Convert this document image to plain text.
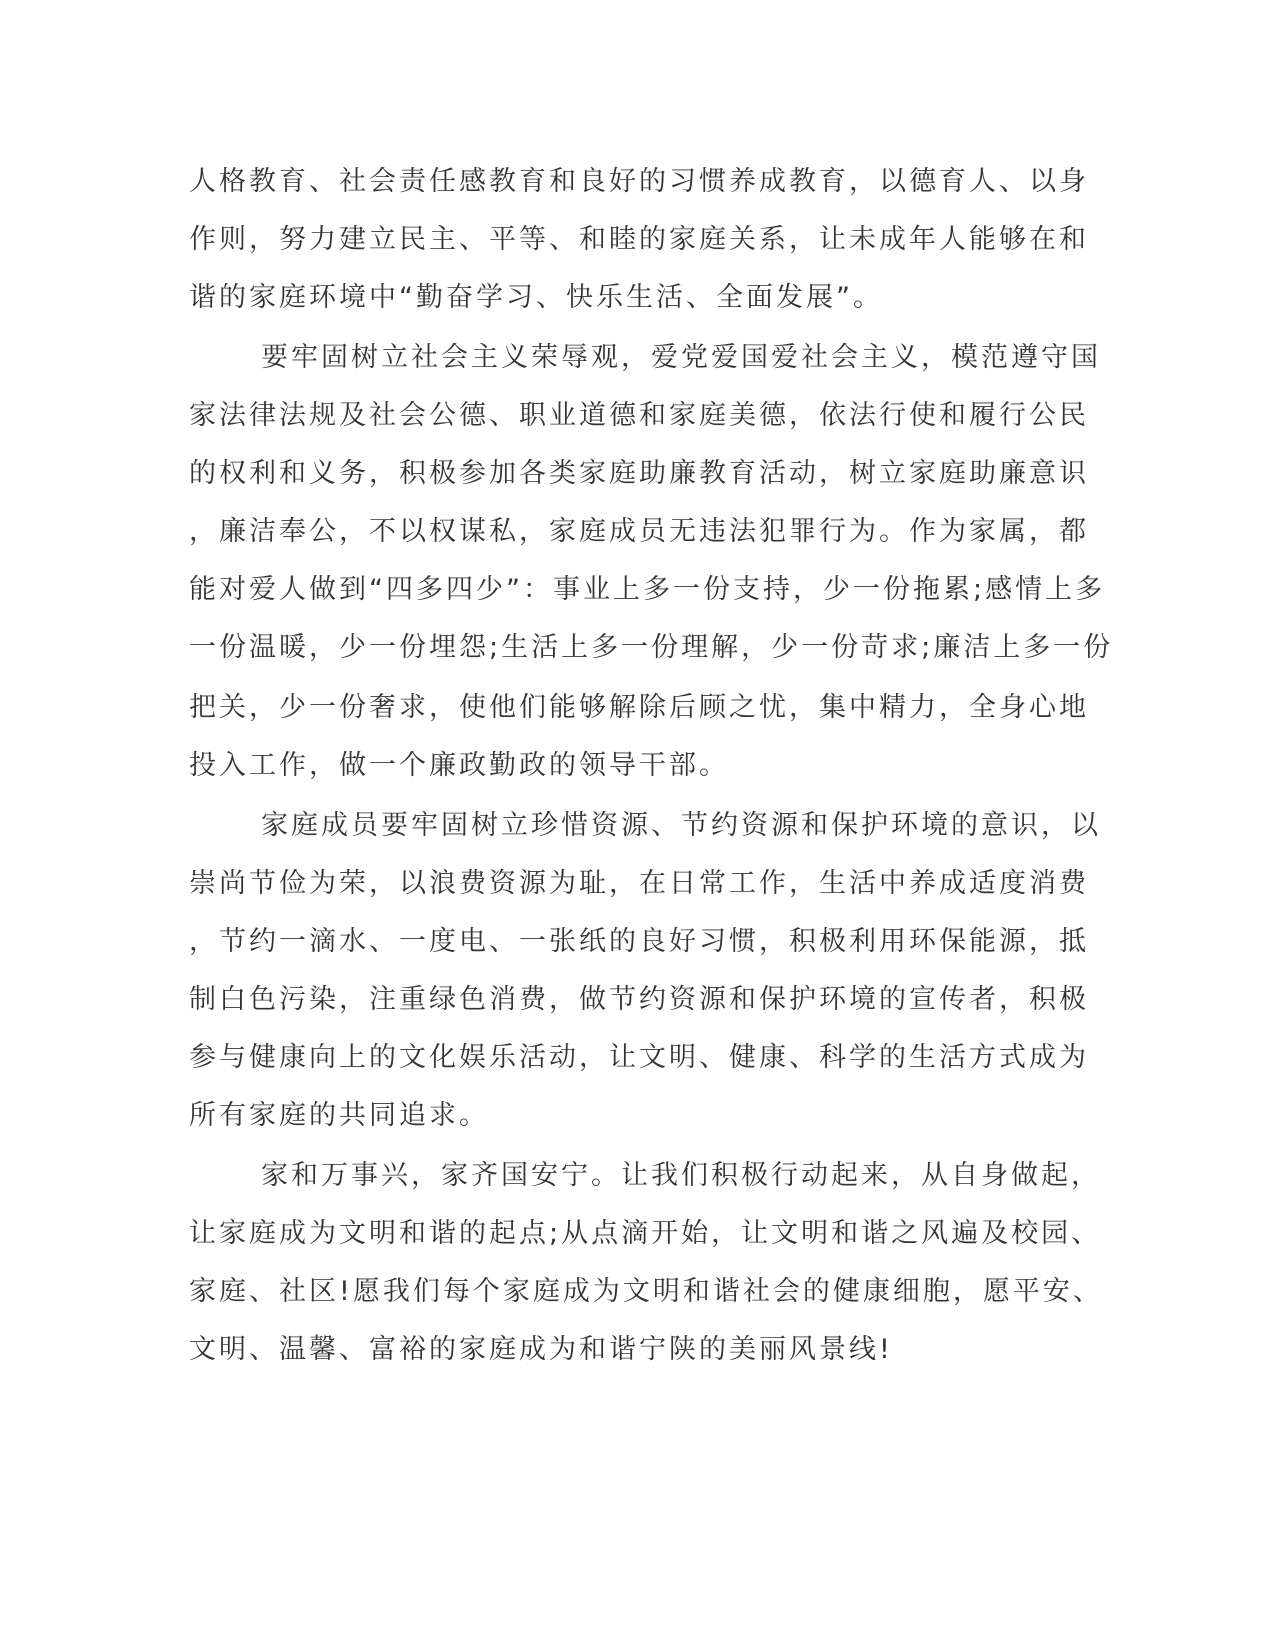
人格教育、社会责任感教育和良好的习惯养成教育，以德育人、以身
作则，努力建立民主、平等、和睦的家庭关系，让未成年人能够在和
谐的家庭环境中“勤奋学习、快乐生活、全面发展”。
要牢固树立社会主义荣辱观，爱党爱国爱社会主义，模范遵守国
家法律法规及社会公德、职业道德和家庭美德，依法行使和履行公民
的权利和义务，积极参加各类家庭助廉教育活动，树立家庭助廉意识
，廉洁奉公，不以权谋私，家庭成员无违法犯罪行为。作为家属，都
能对爱人做到“四多四少”：事业上多一份支持，少一份拖累;感情上多
一份温暖，少一份埋怨;生活上多一份理解，少一份苛求;廉洁上多一份
把关，少一份奢求，使他们能够解除后顾之忧，集中精力，全身心地
投入工作，做一个廉政勤政的领导干部。
家庭成员要牢固树立珍惜资源、节约资源和保护环境的意识，以
崇尚节俭为荣，以浪费资源为耻，在日常工作，生活中养成适度消费
，节约一滴水、一度电、一张纸的良好习惯，积极利用环保能源，抵
制白色污染，注重绿色消费，做节约资源和保护环境的宣传者，积极
参与健康向上的文化娱乐活动，让文明、健康、科学的生活方式成为
所有家庭的共同追求。
家和万事兴，家齐国安宁。让我们积极行动起来，从自身做起，
让家庭成为文明和谐的起点;从点滴开始，让文明和谐之风遍及校园、
家庭、社区!愿我们每个家庭成为文明和谐社会的健康细胞，愿平安、
文明、温馨、富裕的家庭成为和谐宁陕的美丽风景线!
